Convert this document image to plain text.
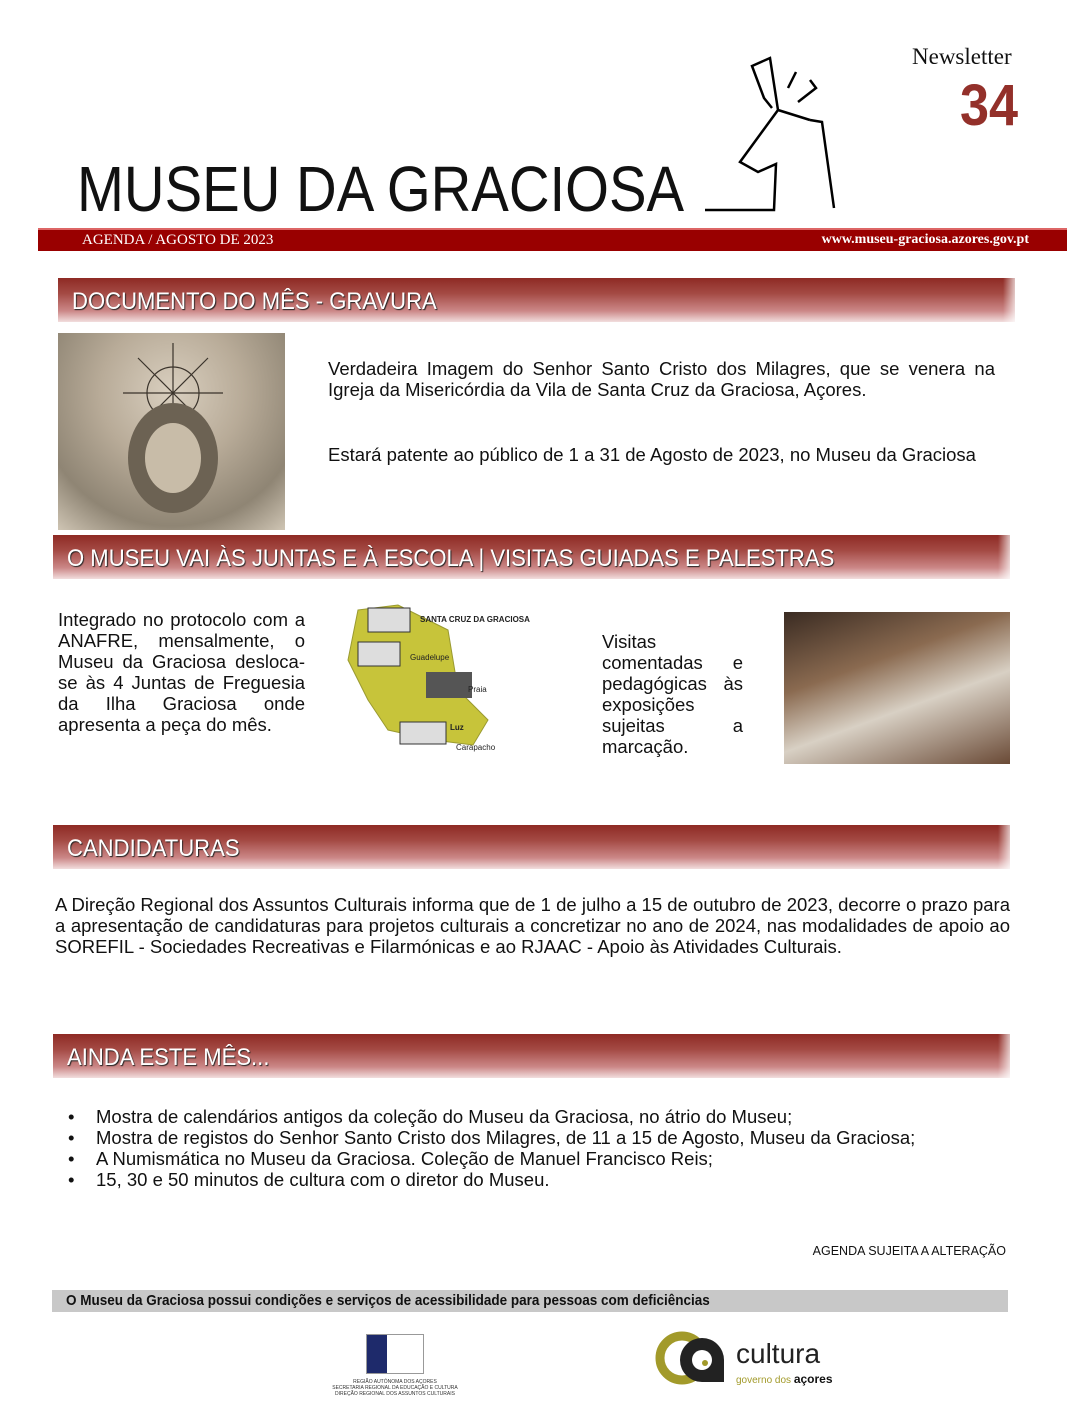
Newsletter
34
MUSEU DA GRACIOSA
AGENDA / AGOSTO DE 2023	www.museu-graciosa.azores.gov.pt
DOCUMENTO DO MÊS - GRAVURA
Verdadeira Imagem do Senhor Santo Cristo dos Milagres, que se venera na Igreja da Misericórdia da Vila de Santa Cruz da Graciosa, Açores.
Estará patente ao público de 1 a 31 de Agosto de 2023, no Museu da Graciosa
O MUSEU VAI ÀS JUNTAS E À ESCOLA | VISITAS GUIADAS E PALESTRAS
Integrado no protocolo com a ANAFRE, mensalmente, o Museu da Graciosa desloca-se às 4 Juntas de Freguesia da Ilha Graciosa onde apresenta a peça do mês.
SANTA CRUZ DA GRACIOSA
Guadelupe
Praia
Luz
Carapacho
Visitas comentadas e pedagógicas às exposições sujeitas a marcação.
CANDIDATURAS
A Direção Regional dos Assuntos Culturais informa que de 1 de julho a 15 de outubro de 2023, decorre o prazo para a apresentação de candidaturas para projetos culturais a concretizar no ano de 2024, nas modalidades de apoio ao SOREFIL - Sociedades Recreativas e Filarmónicas e ao RJAAC - Apoio às Atividades Culturais.
AINDA ESTE MÊS...
• Mostra de calendários antigos da coleção do Museu da Graciosa, no átrio do Museu;
• Mostra de registos do Senhor Santo Cristo dos Milagres, de 11 a 15 de Agosto, Museu da Graciosa;
• A Numismática no Museu da Graciosa. Coleção de Manuel Francisco Reis;
• 15, 30 e 50 minutos de cultura com o diretor do Museu.
AGENDA SUJEITA A ALTERAÇÃO
O Museu da Graciosa possui condições e serviços de acessibilidade para pessoas com deficiências
REGIÃO AUTÓNOMA DOS AÇORES
SECRETARIA REGIONAL DA EDUCAÇÃO E CULTURA
DIREÇÃO REGIONAL DOS ASSUNTOS CULTURAIS
cultura
governo dos açores
